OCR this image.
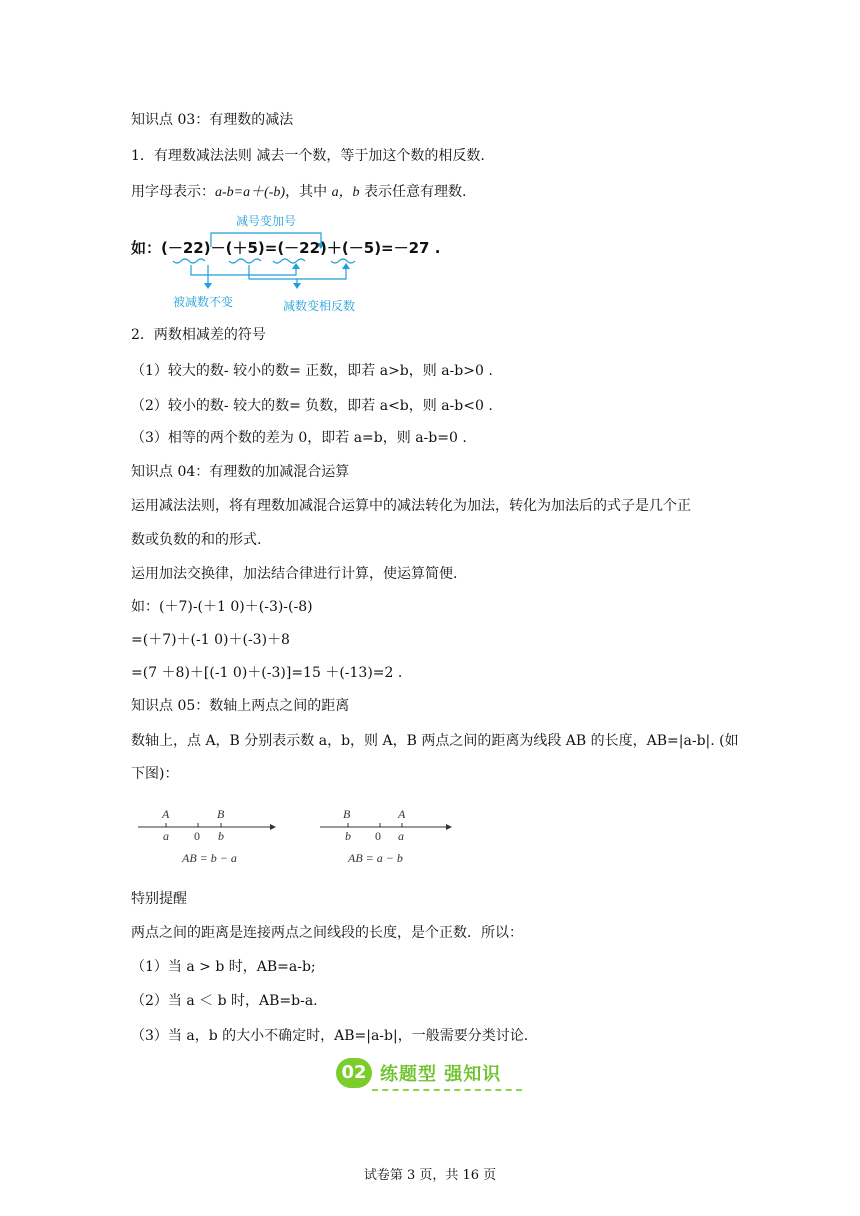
知识点 03：有理数的减法
1．有理数减法法则 减去一个数，等于加这个数的相反数.
用字母表示：a-b=a＋(-b)，其中 a，b 表示任意有理数.
减号变加号
如：(－22)－(＋5)=(－22)＋(－5)=－27 .
被减数不变	减数变相反数
2．两数相减差的符号
（1）较大的数- 较小的数= 正数，即若 a>b，则 a-b>0 .
（2）较小的数- 较大的数= 负数，即若 a<b，则 a-b<0 .
（3）相等的两个数的差为 0，即若 a=b，则 a-b=0 .
知识点 04：有理数的加减混合运算
运用减法法则，将有理数加减混合运算中的减法转化为加法，转化为加法后的式子是几个正
数或负数的和的形式.
运用加法交换律，加法结合律进行计算，使运算简便.
如：(＋7)-(＋1 0)＋(-3)-(-8)
=(＋7)＋(-1 0)＋(-3)＋8
=(7 ＋8)＋[(-1 0)＋(-3)]=15 ＋(-13)=2 .
知识点 05：数轴上两点之间的距离
数轴上，点 A，B 分别表示数 a，b，则 A，B 两点之间的距离为线段 AB 的长度，AB=|a-b|. (如
下图)：
A	B
a 0 b
AB = b − a
B	A
b 0 a
AB = a − b
特别提醒
两点之间的距离是连接两点之间线段的长度，是个正数．所以：
（1）当 a > b 时，AB=a-b;
（2）当 a ＜ b 时，AB=b-a.
（3）当 a，b 的大小不确定时，AB=|a-b|，一般需要分类讨论.
02 练题型 强知识
试卷第 3 页，共 16 页
